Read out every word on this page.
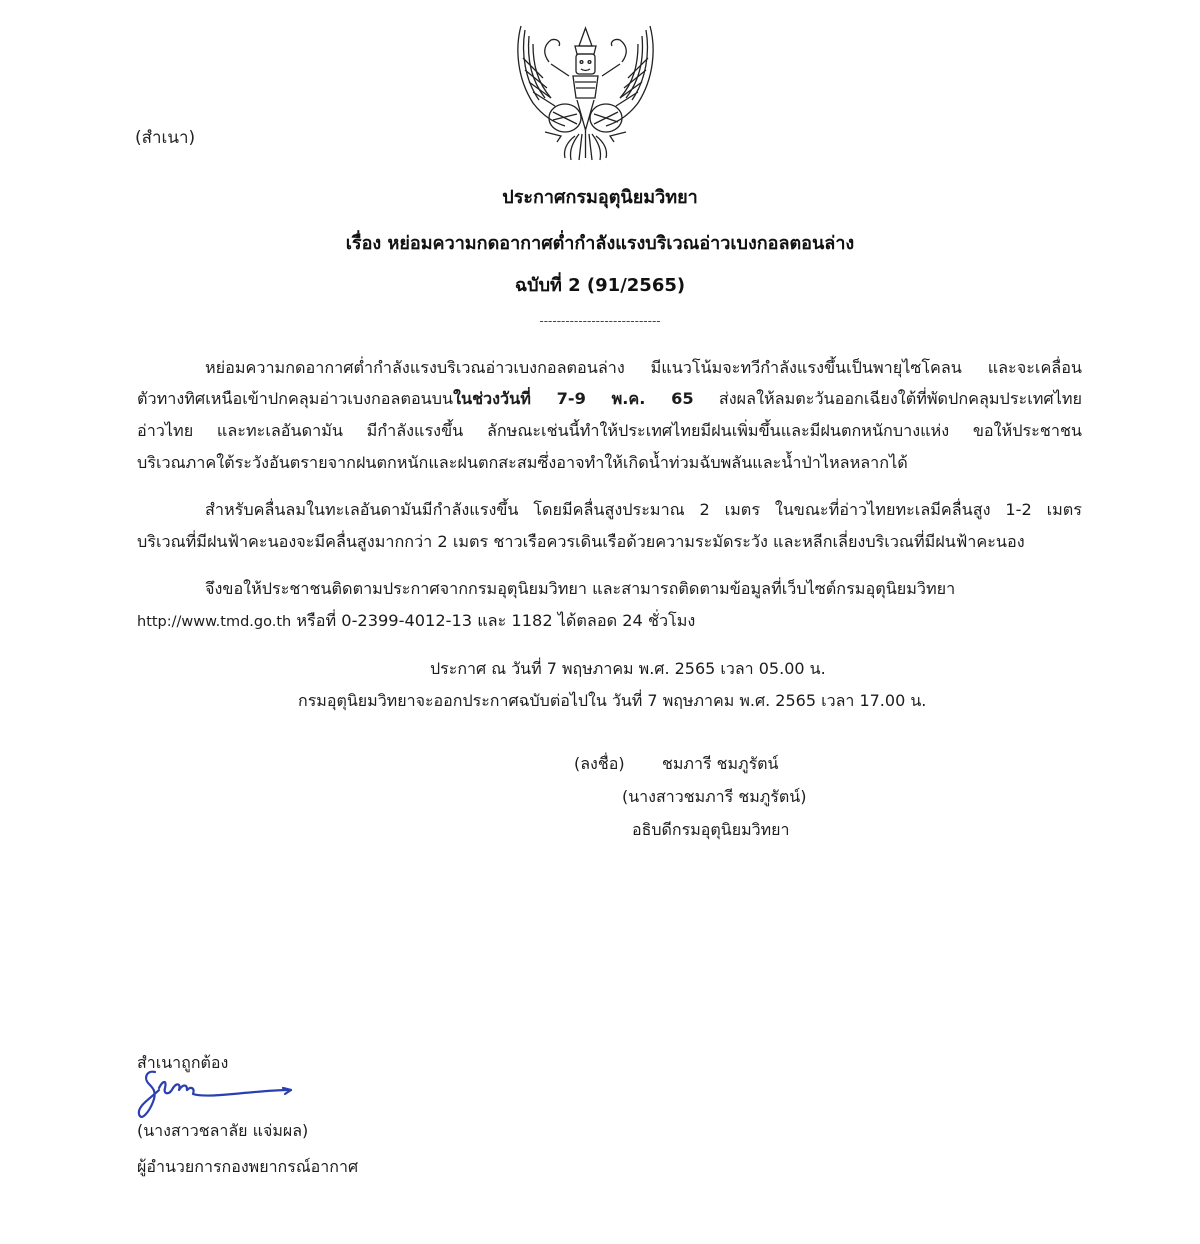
(สำเนา)
ประกาศกรมอุตุนิยมวิทยา
เรื่อง หย่อมความกดอากาศต่ำกำลังแรงบริเวณอ่าวเบงกอลตอนล่าง
ฉบับที่ 2 (91/2565)
----------------------------
หย่อมความกดอากาศต่ำกำลังแรงบริเวณอ่าวเบงกอลตอนล่าง มีแนวโน้มจะทวีกำลังแรงขึ้นเป็นพายุไซโคลน และจะเคลื่อน
ตัวทางทิศเหนือเข้าปกคลุมอ่าวเบงกอลตอนบนในช่วงวันที่ 7-9 พ.ค. 65 ส่งผลให้ลมตะวันออกเฉียงใต้ที่พัดปกคลุมประเทศไทย
อ่าวไทย และทะเลอันดามัน มีกำลังแรงขึ้น ลักษณะเช่นนี้ทำให้ประเทศไทยมีฝนเพิ่มขึ้นและมีฝนตกหนักบางแห่ง ขอให้ประชาชน
บริเวณภาคใต้ระวังอันตรายจากฝนตกหนักและฝนตกสะสมซึ่งอาจทำให้เกิดน้ำท่วมฉับพลันและน้ำป่าไหลหลากได้
สำหรับคลื่นลมในทะเลอันดามันมีกำลังแรงขึ้น โดยมีคลื่นสูงประมาณ 2 เมตร ในขณะที่อ่าวไทยทะเลมีคลื่นสูง 1-2 เมตร
บริเวณที่มีฝนฟ้าคะนองจะมีคลื่นสูงมากกว่า 2 เมตร ชาวเรือควรเดินเรือด้วยความระมัดระวัง และหลีกเลี่ยงบริเวณที่มีฝนฟ้าคะนอง
จึงขอให้ประชาชนติดตามประกาศจากกรมอุตุนิยมวิทยา และสามารถติดตามข้อมูลที่เว็บไซต์กรมอุตุนิยมวิทยา
http://www.tmd.go.th หรือที่ 0-2399-4012-13 และ 1182 ได้ตลอด 24 ชั่วโมง
ประกาศ ณ วันที่ 7 พฤษภาคม พ.ศ. 2565 เวลา 05.00 น.
กรมอุตุนิยมวิทยาจะออกประกาศฉบับต่อไปใน วันที่ 7 พฤษภาคม พ.ศ. 2565 เวลา 17.00 น.
(ลงชื่อ) ชมภารี ชมภูรัตน์
(นางสาวชมภารี ชมภูรัตน์)
อธิบดีกรมอุตุนิยมวิทยา
สำเนาถูกต้อง
(นางสาวชลาลัย แจ่มผล)
ผู้อำนวยการกองพยากรณ์อากาศ
